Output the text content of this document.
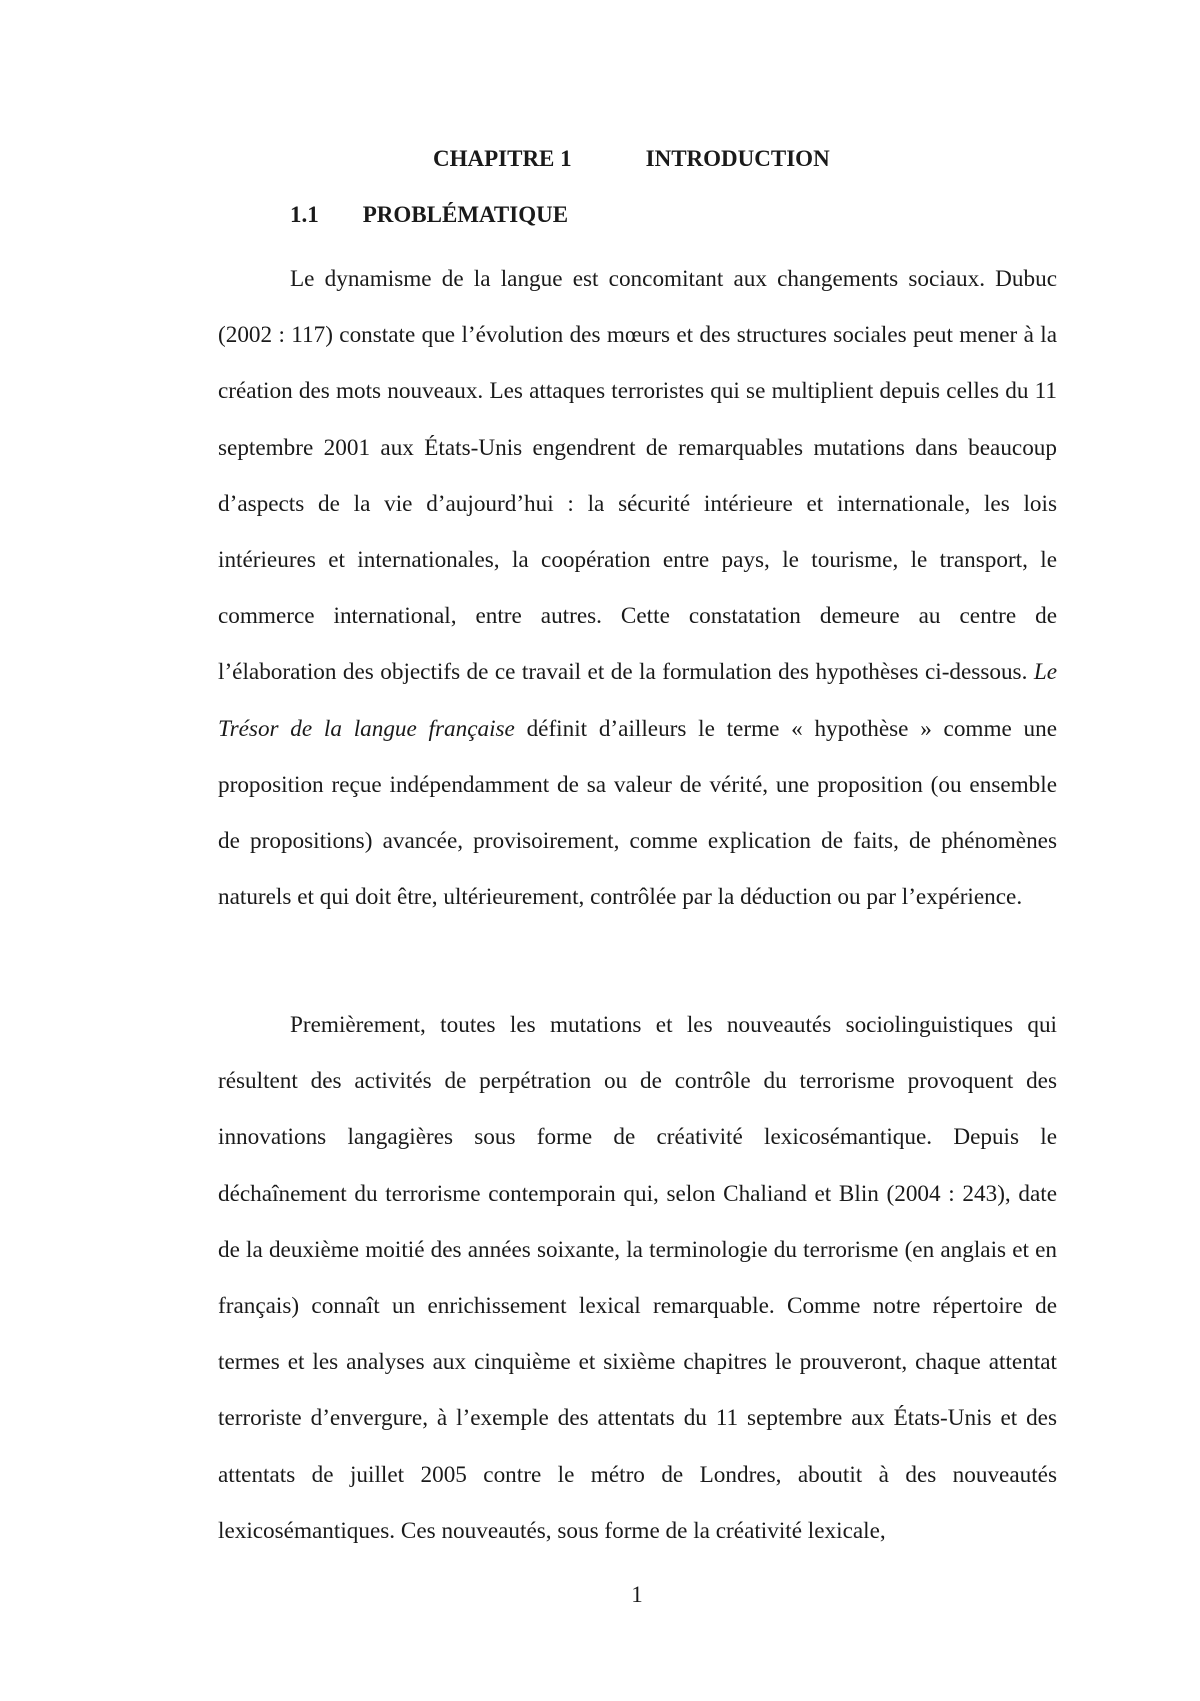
CHAPITRE 1	INTRODUCTION
1.1 PROBLÉMATIQUE

Le dynamisme de la langue est concomitant aux changements sociaux. Dubuc (2002 : 117) constate que l’évolution des mœurs et des structures sociales peut mener à la création des mots nouveaux. Les attaques terroristes qui se multiplient depuis celles du 11 septembre 2001 aux États-Unis engendrent de remarquables mutations dans beaucoup d’aspects de la vie d’aujourd’hui : la sécurité intérieure et internationale, les lois intérieures et internationales, la coopération entre pays, le tourisme, le transport, le commerce international, entre autres. Cette constatation demeure au centre de l’élaboration des objectifs de ce travail et de la formulation des hypothèses ci-dessous. Le Trésor de la langue française définit d’ailleurs le terme « hypothèse » comme une proposition reçue indépendamment de sa valeur de vérité, une proposition (ou ensemble de propositions) avancée, provisoirement, comme explication de faits, de phénomènes naturels et qui doit être, ultérieurement, contrôlée par la déduction ou par l’expérience.

Premièrement, toutes les mutations et les nouveautés sociolinguistiques qui résultent des activités de perpétration ou de contrôle du terrorisme provoquent des innovations langagières sous forme de créativité lexicosémantique. Depuis le déchaînement du terrorisme contemporain qui, selon Chaliand et Blin (2004 : 243), date de la deuxième moitié des années soixante, la terminologie du terrorisme (en anglais et en français) connaît un enrichissement lexical remarquable. Comme notre répertoire de termes et les analyses aux cinquième et sixième chapitres le prouveront, chaque attentat terroriste d’envergure, à l’exemple des attentats du 11 septembre aux États-Unis et des attentats de juillet 2005 contre le métro de Londres, aboutit à des nouveautés lexicosémantiques. Ces nouveautés, sous forme de la créativité lexicale,

1
